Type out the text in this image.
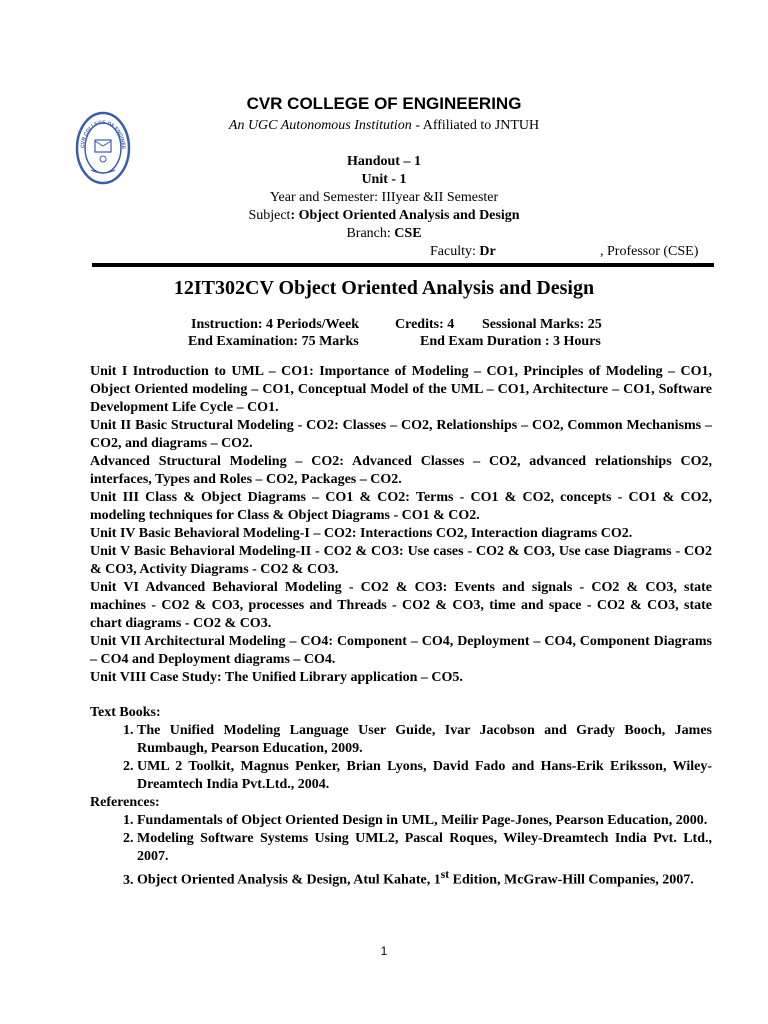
CVR COLLEGE OF ENGINEE
CVR COLLEGE OF ENGINEERING
An UGC Autonomous Institution - Affiliated to JNTUH
Handout – 1
Unit - 1
Year and Semester: IIIyear &II Semester
Subject: Object Oriented Analysis and Design
Branch: CSE
Faculty: Dr	, Professor (CSE)
12IT302CV Object Oriented Analysis and Design
Instruction: 4 Periods/Week	Credits: 4 Sessional Marks: 25
End Examination: 75 Marks	End Exam Duration : 3 Hours

Unit I Introduction to UML – CO1: Importance of Modeling – CO1, Principles of Modeling – CO1, Object Oriented modeling – CO1, Conceptual Model of the UML – CO1, Architecture – CO1, Software Development Life Cycle – CO1.

Unit II Basic Structural Modeling - CO2: Classes – CO2, Relationships – CO2, Common Mechanisms – CO2, and diagrams – CO2.

Advanced Structural Modeling – CO2: Advanced Classes – CO2, advanced relationships CO2, interfaces, Types and Roles – CO2, Packages – CO2.

Unit III Class & Object Diagrams – CO1 & CO2: Terms - CO1 & CO2, concepts - CO1 & CO2, modeling techniques for Class & Object Diagrams - CO1 & CO2.

Unit IV Basic Behavioral Modeling-I – CO2: Interactions CO2, Interaction diagrams CO2.

Unit V Basic Behavioral Modeling-II - CO2 & CO3: Use cases - CO2 & CO3, Use case Diagrams - CO2 & CO3, Activity Diagrams - CO2 & CO3.

Unit VI Advanced Behavioral Modeling - CO2 & CO3: Events and signals - CO2 & CO3, state machines - CO2 & CO3, processes and Threads - CO2 & CO3, time and space - CO2 & CO3, state chart diagrams - CO2 & CO3.

Unit VII Architectural Modeling – CO4: Component – CO4, Deployment – CO4, Component Diagrams – CO4 and Deployment diagrams – CO4.

Unit VIII Case Study: The Unified Library application – CO5.

Text Books:

1. The Unified Modeling Language User Guide, Ivar Jacobson and Grady Booch, James Rumbaugh, Pearson Education, 2009.
2. UML 2 Toolkit, Magnus Penker, Brian Lyons, David Fado and Hans-Erik Eriksson, Wiley-Dreamtech India Pvt.Ltd., 2004.

References:

1. Fundamentals of Object Oriented Design in UML, Meilir Page-Jones, Pearson Education, 2000.
2. Modeling Software Systems Using UML2, Pascal Roques, Wiley-Dreamtech India Pvt. Ltd., 2007.
3. Object Oriented Analysis & Design, Atul Kahate, 1st Edition, McGraw-Hill Companies, 2007.
1
